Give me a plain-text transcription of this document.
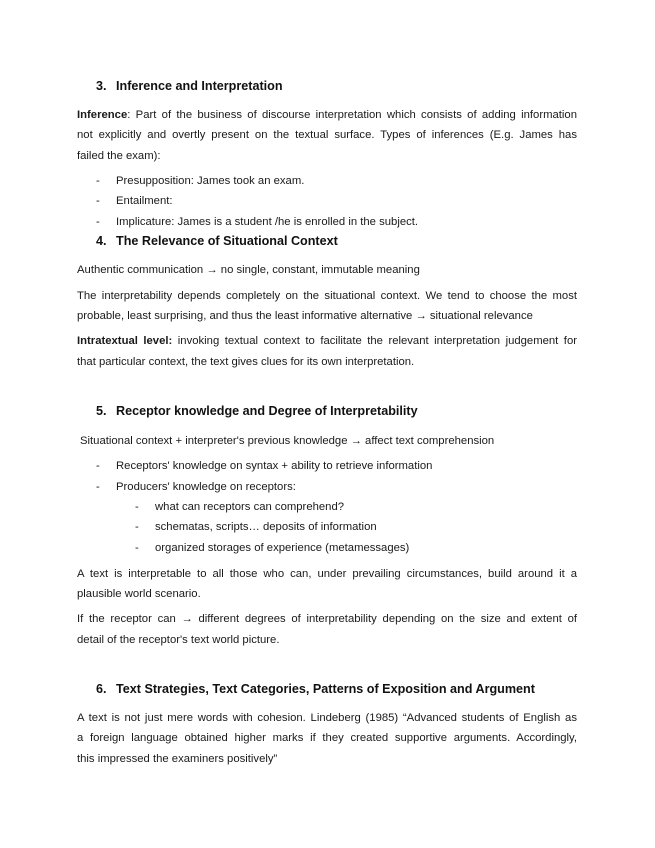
3. Inference and Interpretation
Inference: Part of the business of discourse interpretation which consists of adding information
not explicitly and overtly present on the textual surface. Types of inferences (E.g. James has
failed the exam):
- Presupposition: James took an exam.
- Entailment:
- Implicature: James is a student /he is enrolled in the subject.
4. The Relevance of Situational Context
Authentic communication → no single, constant, immutable meaning
The interpretability depends completely on the situational context. We tend to choose the most
probable, least surprising, and thus the least informative alternative → situational relevance
Intratextual level: invoking textual context to facilitate the relevant interpretation judgement for
that particular context, the text gives clues for its own interpretation.
5. Receptor knowledge and Degree of Interpretability
Situational context + interpreter's previous knowledge → affect text comprehension
- Receptors' knowledge on syntax + ability to retrieve information
- Producers' knowledge on receptors:
- what can receptors can comprehend?
- schematas, scripts… deposits of information
- organized storages of experience (metamessages)
A text is interpretable to all those who can, under prevailing circumstances, build around it a
plausible world scenario.
If the receptor can → different degrees of interpretability depending on the size and extent of
detail of the receptor's text world picture.
6. Text Strategies, Text Categories, Patterns of Exposition and Argument
A text is not just mere words with cohesion. Lindeberg (1985) “Advanced students of English as
a foreign language obtained higher marks if they created supportive arguments. Accordingly,
this impressed the examiners positively”
